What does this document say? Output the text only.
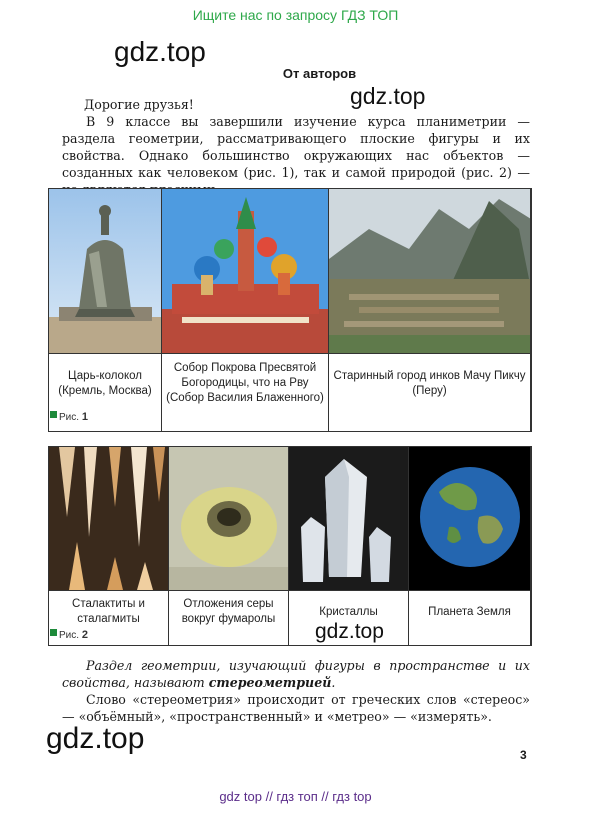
Ищите нас по запросу ГДЗ ТОП
gdz.top
От авторов
gdz.top
Дорогие друзья!
В 9 классе вы завершили изучение курса планиметрии — раздела геометрии, рассматривающего плоские фигуры и их свойства. Однако большинство окружающих нас объектов — созданных как человеком (рис. 1), так и самой природой (рис. 2) —
Царь-колокол (Кремль, Москва)
Собор Покрова Пресвятой Богородицы, что на Рву (Собор Василия Блаженного)
Старинный город инков Мачу Пикчу (Перу)
Рис. 1
Сталактиты и сталагмиты
Отложения серы вокруг фумаролы
Кристаллы	Планета Земля
Рис. 2	gdz.top
Раздел геометрии, изучающий фигуры в пространстве и их свойства, называют стереометрией.
Слово «стереометрия» происходит от греческих слов «стереос» — «объёмный», «пространственный» и «метрео» — «измерять».
gdz.top	3
gdz top // гдз топ // гдз top
